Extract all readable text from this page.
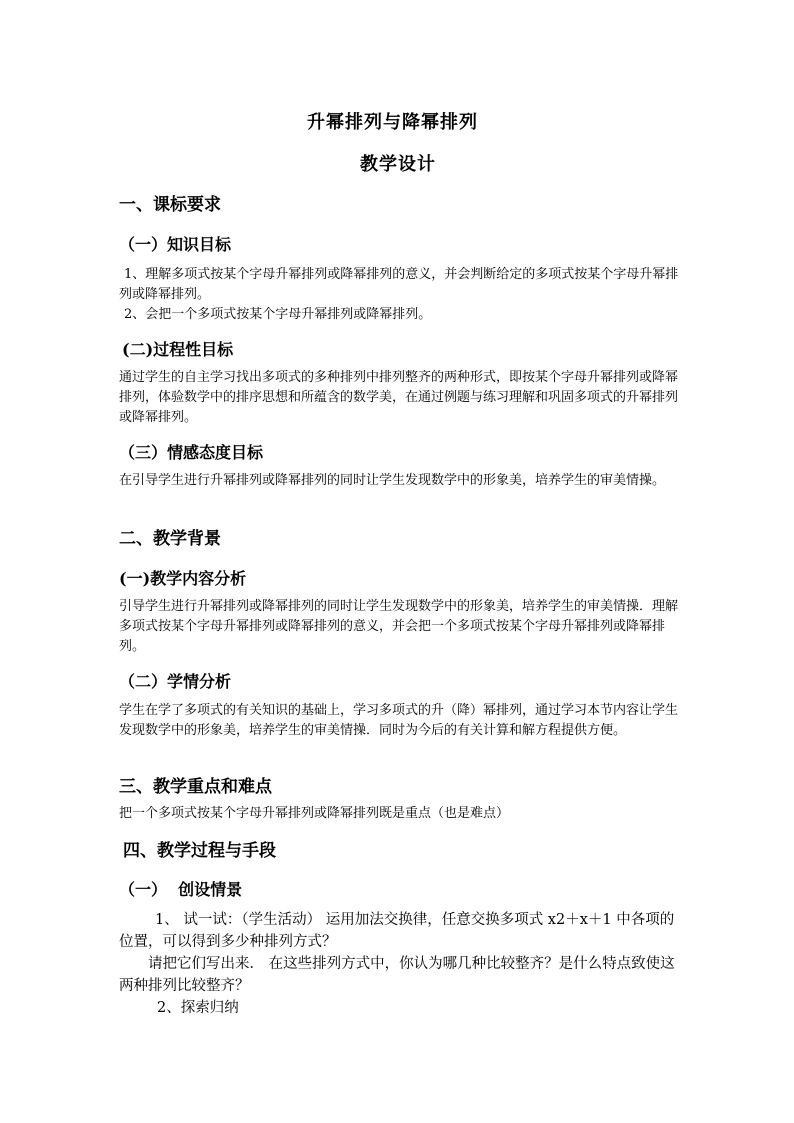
升幂排列与降幂排列
教学设计
一、课标要求
（一）知识目标
1、理解多项式按某个字母升幂排列或降幂排列的意义，并会判断给定的多项式按某个字母升幂排列或降幂排列。
2、会把一个多项式按某个字母升幂排列或降幂排列。
(二)过程性目标
通过学生的自主学习找出多项式的多种排列中排列整齐的两种形式，即按某个字母升幂排列或降幂排列，体验数学中的排序思想和所蕴含的数学美，在通过例题与练习理解和巩固多项式的升幂排列或降幂排列。
（三）情感态度目标
在引导学生进行升幂排列或降幂排列的同时让学生发现数学中的形象美，培养学生的审美情操。
二、教学背景
(一)教学内容分析
引导学生进行升幂排列或降幂排列的同时让学生发现数学中的形象美，培养学生的审美情操．理解多项式按某个字母升幂排列或降幂排列的意义，并会把一个多项式按某个字母升幂排列或降幂排列。
（二）学情分析
学生在学了多项式的有关知识的基础上，学习多项式的升（降）幂排列，通过学习本节内容让学生发现数学中的形象美，培养学生的审美情操．同时为今后的有关计算和解方程提供方便。
三、教学重点和难点
把一个多项式按某个字母升幂排列或降幂排列既是重点（也是难点）
四、教学过程与手段
（一）  创设情景
1、 试一试：（学生活动） 运用加法交换律，任意交换多项式 x2＋x＋1 中各项的位置，可以得到多少种排列方式？
请把它们写出来． 在这些排列方式中，你认为哪几种比较整齐？是什么特点致使这两种排列比较整齐？
2、探索归纳
